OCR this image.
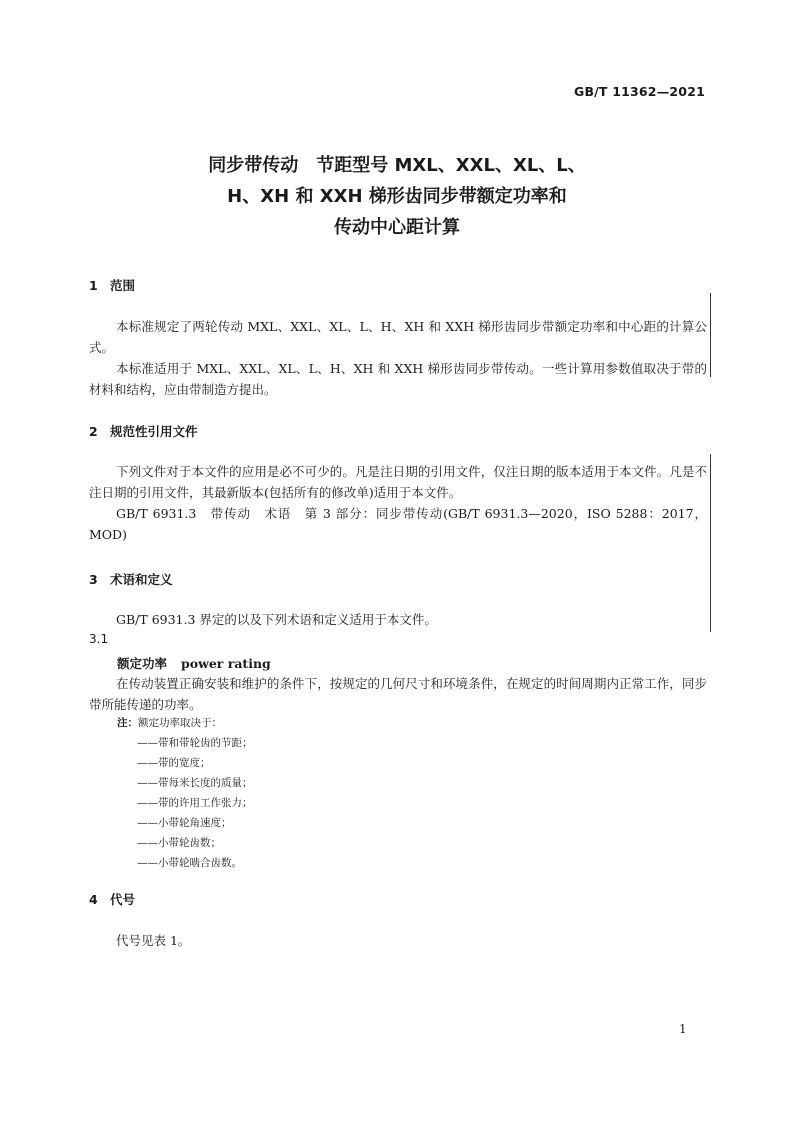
GB/T 11362—2021
同步带传动　节距型号 MXL、XXL、XL、L、
H、XH 和 XXH 梯形齿同步带额定功率和
传动中心距计算
1 范围
本标准规定了两轮传动 MXL、XXL、XL、L、H、XH 和 XXH 梯形齿同步带额定功率和中心距的计算公式。
本标准适用于 MXL、XXL、XL、L、H、XH 和 XXH 梯形齿同步带传动。一些计算用参数值取决于带的材料和结构，应由带制造方提出。
2 规范性引用文件
下列文件对于本文件的应用是必不可少的。凡是注日期的引用文件，仅注日期的版本适用于本文件。凡是不注日期的引用文件，其最新版本(包括所有的修改单)适用于本文件。
GB/T 6931.3　带传动　术语　第 3 部分：同步带传动(GB/T 6931.3—2020，ISO 5288：2017，MOD)
3 术语和定义
GB/T 6931.3 界定的以及下列术语和定义适用于本文件。
3.1
额定功率 power rating
在传动装置正确安装和维护的条件下，按规定的几何尺寸和环境条件，在规定的时间周期内正常工作，同步带所能传递的功率。
注：额定功率取决于：
——带和带轮齿的节距；
——带的宽度；
——带每米长度的质量；
——带的许用工作张力；
——小带轮角速度；
——小带轮齿数；
——小带轮啮合齿数。
4 代号
代号见表 1。
1
